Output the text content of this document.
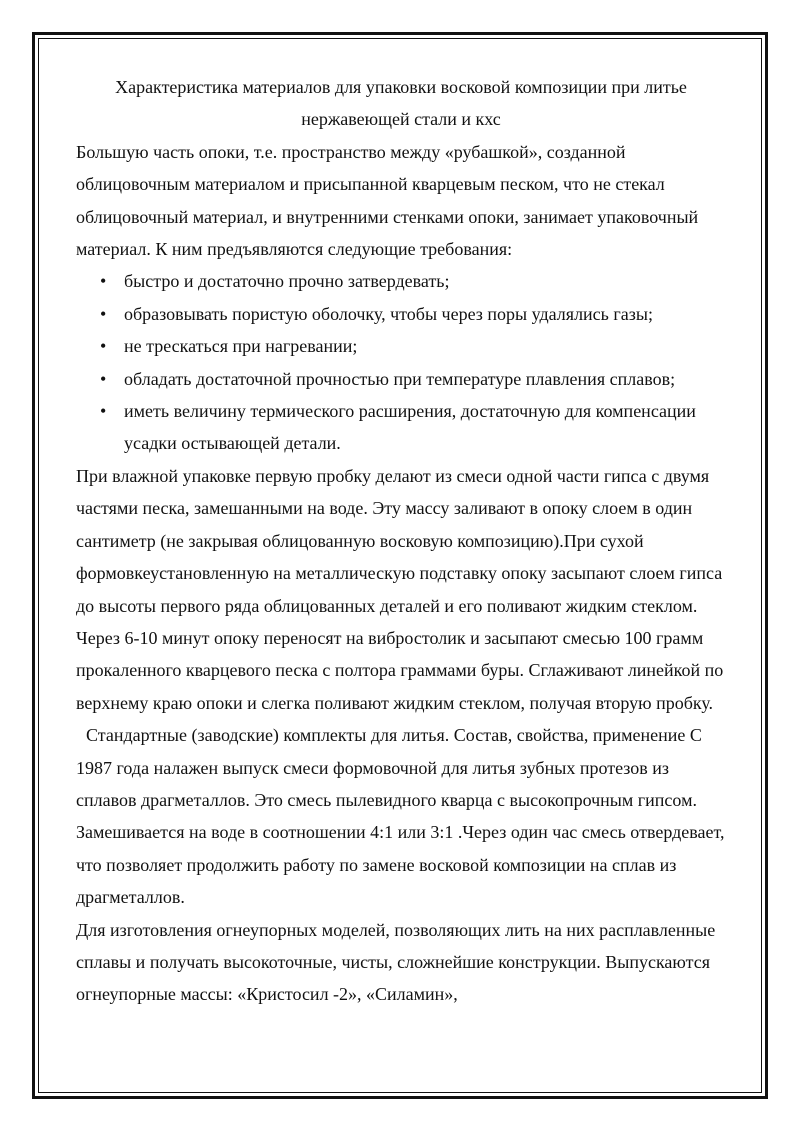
Характеристика материалов для упаковки восковой композиции при литье нержавеющей стали и кхс

Большую часть опоки, т.е. пространство между «рубашкой», созданной облицовочным материалом и присыпанной кварцевым песком, что не стекал облицовочный материал, и внутренними стенками опоки, занимает упаковочный материал. К ним предъявляются следующие требования:

• быстро и достаточно прочно затвердевать;
• образовывать пористую оболочку, чтобы через поры удалялись газы;
• не трескаться при нагревании;
• обладать достаточной прочностью при температуре плавления сплавов;
• иметь величину термического расширения, достаточную для компенсации усадки остывающей детали.

При влажной упаковке первую пробку делают из смеси одной части гипса с двумя частями песка, замешанными на воде. Эту массу заливают в опоку слоем в один сантиметр (не закрывая облицованную восковую композицию).При сухой формовкеустановленную на металлическую подставку опоку засыпают слоем гипса до высоты первого ряда облицованных деталей и его поливают жидким стеклом. Через 6-10 минут опоку переносят на вибростолик и засыпают смесью 100 грамм прокаленного кварцевого песка с полтора граммами буры. Сглаживают линейкой по верхнему краю опоки и слегка поливают жидким стеклом, получая вторую пробку.

Стандартные (заводские) комплекты для литья. Состав, свойства, применение С 1987 года налажен выпуск смеси формовочной для литья зубных протезов из сплавов драгметаллов. Это смесь пылевидного кварца с высокопрочным гипсом. Замешивается на воде в соотношении 4:1 или 3:1 .Через один час смесь отвердевает, что позволяет продолжить работу по замене восковой композиции на сплав из драгметаллов.

Для изготовления огнеупорных моделей, позволяющих лить на них расплавленные сплавы и получать высокоточные, чисты, сложнейшие конструкции. Выпускаются огнеупорные массы: «Кристосил -2», «Силамин»,
